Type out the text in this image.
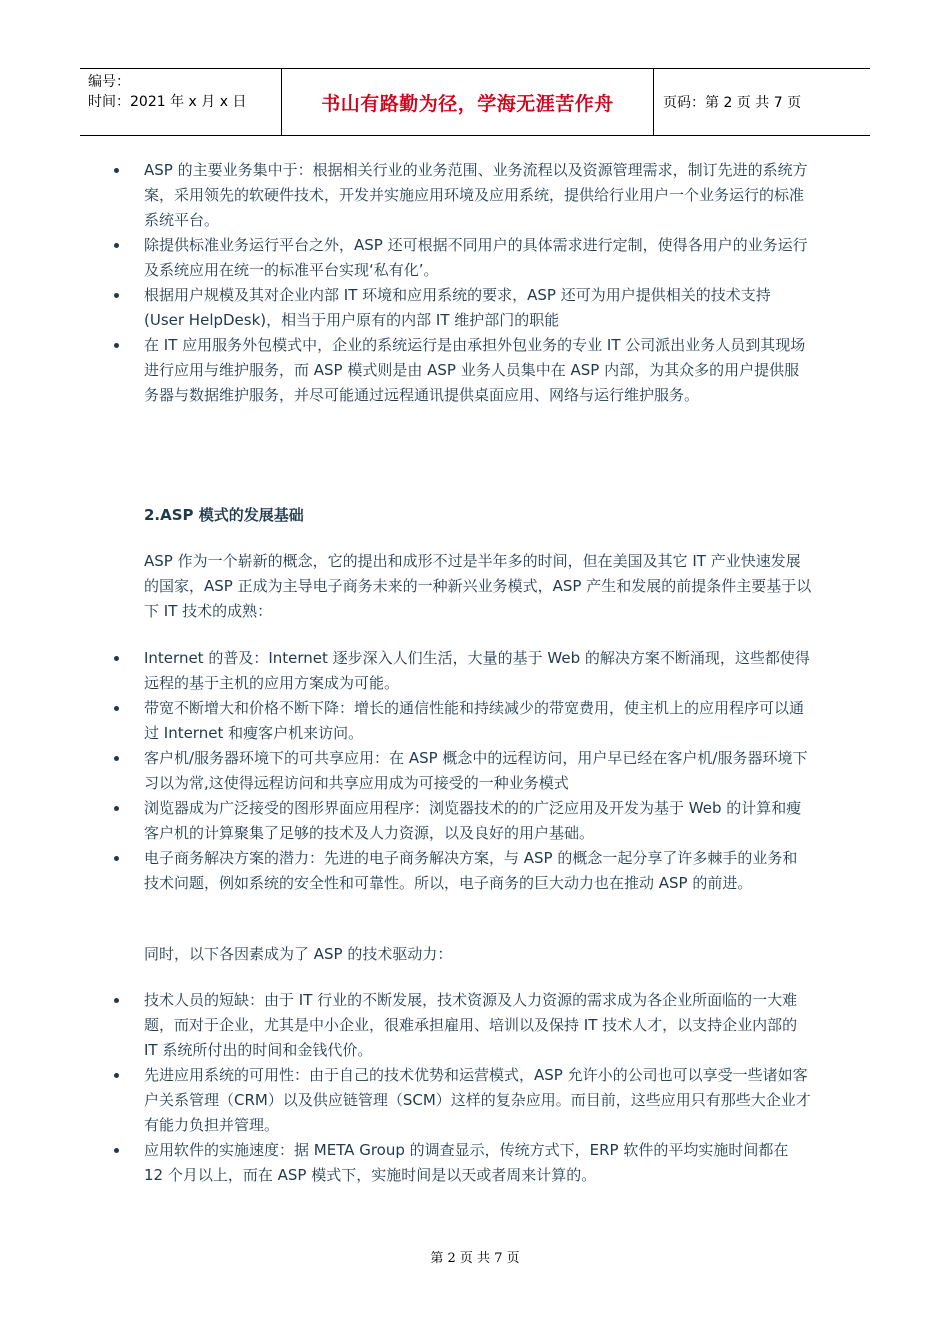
编号：
时间：2021 年 x 月 x 日	书山有路勤为径，学海无涯苦作舟	页码：第 2 页 共 7 页
ASP 的主要业务集中于：根据相关行业的业务范围、业务流程以及资源管理需求，制订先进的系统方案，采用领先的软硬件技术，开发并实施应用环境及应用系统，提供给行业用户一个业务运行的标准系统平台。
除提供标准业务运行平台之外，ASP 还可根据不同用户的具体需求进行定制，使得各用户的业务运行及系统应用在统一的标准平台实现‘私有化’。
根据用户规模及其对企业内部 IT 环境和应用系统的要求，ASP 还可为用户提供相关的技术支持 (User HelpDesk)，相当于用户原有的内部 IT 维护部门的职能
在 IT 应用服务外包模式中，企业的系统运行是由承担外包业务的专业 IT 公司派出业务人员到其现场进行应用与维护服务，而 ASP 模式则是由 ASP 业务人员集中在 ASP 内部，为其众多的用户提供服务器与数据维护服务，并尽可能通过远程通讯提供桌面应用、网络与运行维护服务。
2.ASP 模式的发展基础

ASP 作为一个崭新的概念，它的提出和成形不过是半年多的时间，但在美国及其它 IT 产业快速发展的国家，ASP 正成为主导电子商务未来的一种新兴业务模式，ASP 产生和发展的前提条件主要基于以下 IT 技术的成熟：

Internet 的普及：Internet 逐步深入人们生活，大量的基于 Web 的解决方案不断涌现，这些都使得远程的基于主机的应用方案成为可能。
带宽不断增大和价格不断下降：增长的通信性能和持续减少的带宽费用，使主机上的应用程序可以通过 Internet 和瘦客户机来访问。
客户机/服务器环境下的可共享应用：在 ASP 概念中的远程访问，用户早已经在客户机/服务器环境下习以为常,这使得远程访问和共享应用成为可接受的一种业务模式
浏览器成为广泛接受的图形界面应用程序：浏览器技术的的广泛应用及开发为基于 Web 的计算和瘦客户机的计算聚集了足够的技术及人力资源，以及良好的用户基础。
电子商务解决方案的潜力：先进的电子商务解决方案，与 ASP 的概念一起分享了许多棘手的业务和技术问题，例如系统的安全性和可靠性。所以，电子商务的巨大动力也在推动 ASP 的前进。

同时，以下各因素成为了 ASP 的技术驱动力：

技术人员的短缺：由于 IT 行业的不断发展，技术资源及人力资源的需求成为各企业所面临的一大难题，而对于企业，尤其是中小企业，很难承担雇用、培训以及保持 IT 技术人才，以支持企业内部的 IT 系统所付出的时间和金钱代价。
先进应用系统的可用性：由于自己的技术优势和运营模式，ASP 允许小的公司也可以享受一些诸如客户关系管理（CRM）以及供应链管理（SCM）这样的复杂应用。而目前，这些应用只有那些大企业才有能力负担并管理。
应用软件的实施速度：据 META Group 的调查显示，传统方式下，ERP 软件的平均实施时间都在 12 个月以上，而在 ASP 模式下，实施时间是以天或者周来计算的。
第 2 页 共 7 页
